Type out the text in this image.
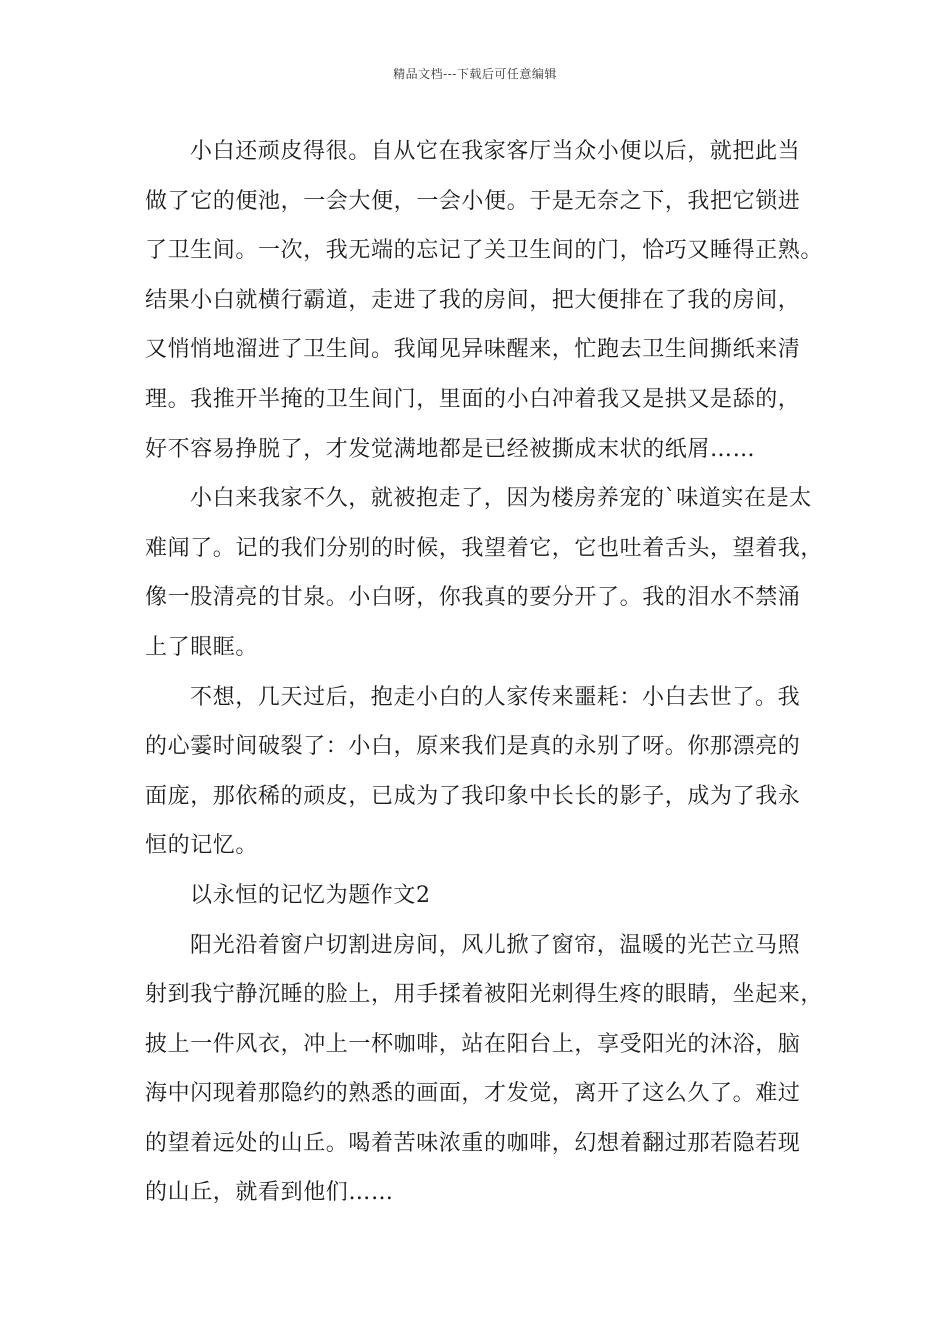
精品文档---下载后可任意编辑
小白还顽皮得很。自从它在我家客厅当众小便以后，就把此当
做了它的便池，一会大便，一会小便。于是无奈之下，我把它锁进
了卫生间。一次，我无端的忘记了关卫生间的门，恰巧又睡得正熟。
结果小白就横行霸道，走进了我的房间，把大便排在了我的房间，
又悄悄地溜进了卫生间。我闻见异味醒来，忙跑去卫生间撕纸来清
理。我推开半掩的卫生间门，里面的小白冲着我又是拱又是舔的，
好不容易挣脱了，才发觉满地都是已经被撕成末状的纸屑……
小白来我家不久，就被抱走了，因为楼房养宠的`味道实在是太
难闻了。记的我们分别的时候，我望着它，它也吐着舌头，望着我，
像一股清亮的甘泉。小白呀，你我真的要分开了。我的泪水不禁涌
上了眼眶。
不想，几天过后，抱走小白的人家传来噩耗：小白去世了。我
的心霎时间破裂了：小白，原来我们是真的永别了呀。你那漂亮的
面庞，那依稀的顽皮，已成为了我印象中长长的影子，成为了我永
恒的记忆。
以永恒的记忆为题作文2
阳光沿着窗户切割进房间，风儿掀了窗帘，温暖的光芒立马照
射到我宁静沉睡的脸上，用手揉着被阳光刺得生疼的眼睛，坐起来，
披上一件风衣，冲上一杯咖啡，站在阳台上，享受阳光的沐浴，脑
海中闪现着那隐约的熟悉的画面，才发觉，离开了这么久了。难过
的望着远处的山丘。喝着苦味浓重的咖啡，幻想着翻过那若隐若现
的山丘，就看到他们……
